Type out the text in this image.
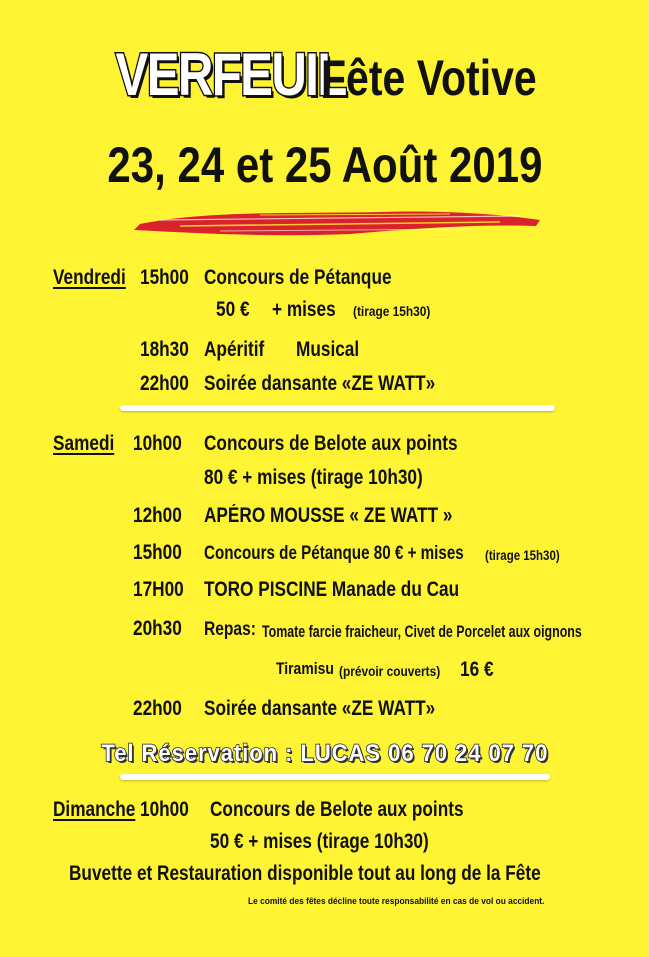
VERFEUIL Fête Votive
23, 24 et 25 Août 2019
Vendredi 15h00 Concours de Pétanque
50 €	+ mises	(tirage 15h30)
18h30 Apéritif	Musical
22h00 Soirée dansante «ZE WATT»
Samedi 10h00	Concours de Belote aux points
80 € + mises (tirage 10h30)
12h00	APÉRO MOUSSE « ZE WATT »
15h00	Concours de Pétanque 80 € + mises	(tirage 15h30)
17H00 TORO PISCINE Manade du Cau
20h30	Repas: Tomate farcie fraicheur, Civet de Porcelet aux oignons
Tiramisu (prévoir couverts) 16 €
22h00	Soirée dansante «ZE WATT»
Tel Réservation : LUCAS 06 70 24 07 70
Dimanche 10h00	Concours de Belote aux points
50 € + mises (tirage 10h30)
Buvette et Restauration disponible tout au long de la Fête
Le comité des fêtes décline toute responsabilité en cas de vol ou accident.
